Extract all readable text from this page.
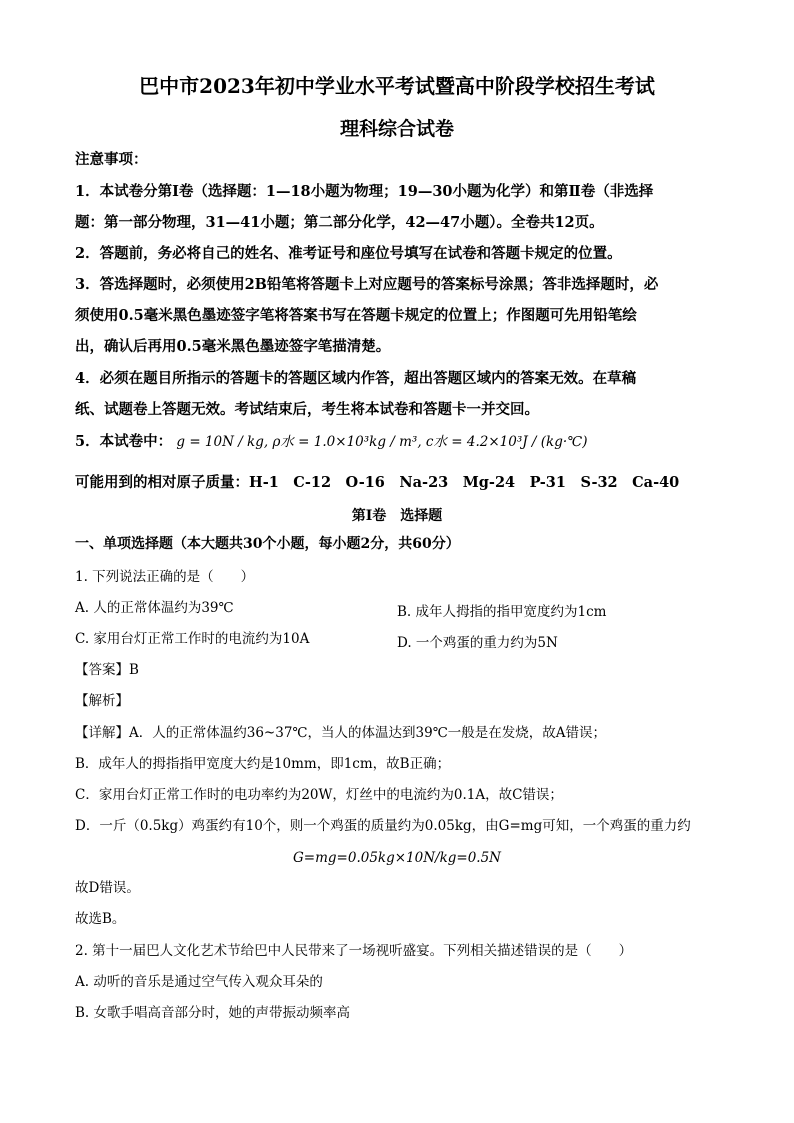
巴中市2023年初中学业水平考试暨高中阶段学校招生考试
理科综合试卷
注意事项：
1．本试卷分第Ⅰ卷（选择题：1—18小题为物理；19—30小题为化学）和第Ⅱ卷（非选择
题：第一部分物理，31—41小题；第二部分化学，42—47小题）。全卷共12页。
2．答题前，务必将自己的姓名、准考证号和座位号填写在试卷和答题卡规定的位置。
3．答选择题时，必须使用2B铅笔将答题卡上对应题号的答案标号涂黑；答非选择题时，必
须使用0.5毫米黑色墨迹签字笔将答案书写在答题卡规定的位置上；作图题可先用铅笔绘
出，确认后再用0.5毫米黑色墨迹签字笔描清楚。
4．必须在题目所指示的答题卡的答题区域内作答，超出答题区域内的答案无效。在草稿
纸、试题卷上答题无效。考试结束后，考生将本试卷和答题卡一并交回。
5．本试卷中： g = 10N / kg, ρ水 = 1.0×10³kg / m³, c水 = 4.2×10³J / (kg·℃)
可能用到的相对原子质量：H-1　C-12　O-16　Na-23　Mg-24　P-31　S-32　Ca-40
第Ⅰ卷　选择题
一、单项选择题（本大题共30个小题，每小题2分，共60分）
1. 下列说法正确的是（　　）
A. 人的正常体温约为39℃	B. 成年人拇指的指甲宽度约为1cm
C. 家用台灯正常工作时的电流约为10A	D. 一个鸡蛋的重力约为5N
【答案】B
【解析】
【详解】A．人的正常体温约36~37℃，当人的体温达到39℃一般是在发烧，故A错误；
B．成年人的拇指指甲宽度大约是10mm，即1cm，故B正确；
C．家用台灯正常工作时的电功率约为20W，灯丝中的电流约为0.1A，故C错误；
D．一斤（0.5kg）鸡蛋约有10个，则一个鸡蛋的质量约为0.05kg，由G=mg可知，一个鸡蛋的重力约
G=mg=0.05kg×10N/kg=0.5N
故D错误。
故选B。
2. 第十一届巴人文化艺术节给巴中人民带来了一场视听盛宴。下列相关描述错误的是（　　）
A. 动听的音乐是通过空气传入观众耳朵的
B. 女歌手唱高音部分时，她的声带振动频率高
